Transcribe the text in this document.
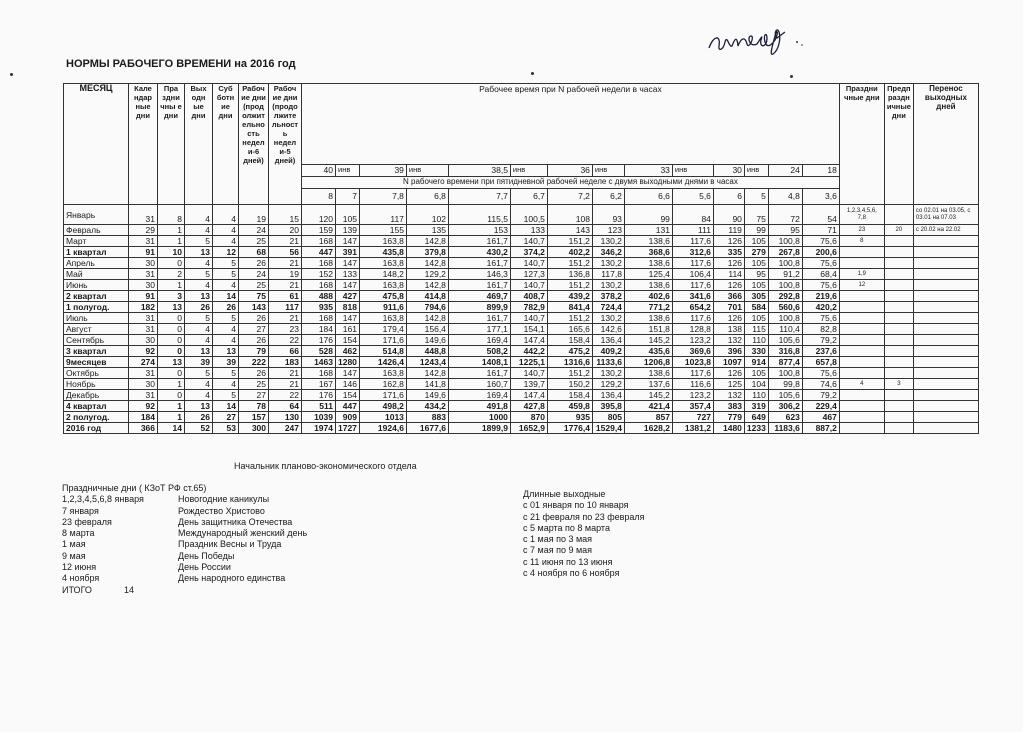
НОРМЫ РАБОЧЕГО ВРЕМЕНИ на 2016 год
МЕСЯЦ	Кале ндар ные дни	Пра здни чны е дни	Вых одн ые дни	Суб ботн ие дни	Рабоч ие дни (прод олжит ельно сть недел и-6 дней)	Рабоч ие дни (продо лжите льност ь недел и-5 дней)	Рабочее время при N рабочей недели в часах														Праздни чные дни	Предп раздн ичные дни	Перенос выходных дней
							40	инв	39	инв	38,5	инв	36	инв	33	инв	30	инв	24	18			
							N рабочего времени при пятидневной рабочей неделе с двумя выходными днями в часах																
							8	7	7,8	6,8	7,7	6,7	7,2	6,2	6,6	5,6	6	5	4,8	3,6			
Январь	31	8	4	4	19	15	120	105	117	102	115,5	100,5	108	93	99	84	90	75	72	54	1,2,3,4,5,6, 7,8		со 02.01 на 03.05, с 03.01 на 07.03
Февраль	29	1	4	4	24	20	159	139	155	135	153	133	143	123	131	111	119	99	95	71	23	20	с 20.02 на 22.02
Март	31	1	5	4	25	21	168	147	163,8	142,8	161,7	140,7	151,2	130,2	138,6	117,6	126	105	100,8	75,6	8		
1 квартал	91	10	13	12	68	56	447	391	435,8	379,8	430,2	374,2	402,2	346,2	368,6	312,6	335	279	267,8	200,6			
Апрель	30	0	4	5	26	21	168	147	163,8	142,8	161,7	140,7	151,2	130,2	138,6	117,6	126	105	100,8	75,6			
Май	31	2	5	5	24	19	152	133	148,2	129,2	146,3	127,3	136,8	117,8	125,4	106,4	114	95	91,2	68,4	1,9		
Июнь	30	1	4	4	25	21	168	147	163,8	142,8	161,7	140,7	151,2	130,2	138,6	117,6	126	105	100,8	75,6	12		
2 квартал	91	3	13	14	75	61	488	427	475,8	414,8	469,7	408,7	439,2	378,2	402,6	341,6	366	305	292,8	219,6			
1 полугод.	182	13	26	26	143	117	935	818	911,6	794,6	899,9	782,9	841,4	724,4	771,2	654,2	701	584	560,6	420,2			
Июль	31	0	5	5	26	21	168	147	163,8	142,8	161,7	140,7	151,2	130,2	138,6	117,6	126	105	100,8	75,6			
Август	31	0	4	4	27	23	184	161	179,4	156,4	177,1	154,1	165,6	142,6	151,8	128,8	138	115	110,4	82,8			
Сентябрь	30	0	4	4	26	22	176	154	171,6	149,6	169,4	147,4	158,4	136,4	145,2	123,2	132	110	105,6	79,2			
3 квартал	92	0	13	13	79	66	528	462	514,8	448,8	508,2	442,2	475,2	409,2	435,6	369,6	396	330	316,8	237,6			
9месяцев	274	13	39	39	222	183	1463	1280	1426,4	1243,4	1408,1	1225,1	1316,6	1133,6	1206,8	1023,8	1097	914	877,4	657,8			
Октябрь	31	0	5	5	26	21	168	147	163,8	142,8	161,7	140,7	151,2	130,2	138,6	117,6	126	105	100,8	75,6			
Ноябрь	30	1	4	4	25	21	167	146	162,8	141,8	160,7	139,7	150,2	129,2	137,6	116,6	125	104	99,8	74,6	4	3	
Декабрь	31	0	4	5	27	22	176	154	171,6	149,6	169,4	147,4	158,4	136,4	145,2	123,2	132	110	105,6	79,2			
4 квартал	92	1	13	14	78	64	511	447	498,2	434,2	491,8	427,8	459,8	395,8	421,4	357,4	383	319	306,2	229,4			
2 полугод.	184	1	26	27	157	130	1039	909	1013	883	1000	870	935	805	857	727	779	649	623	467			
2016 год	366	14	52	53	300	247	1974	1727	1924,6	1677,6	1899,9	1652,9	1776,4	1529,4	1628,2	1381,2	1480	1233	1183,6	887,2			
Начальник планово-экономического отдела
Праздничные дни ( КЗоТ РФ ст.65)
1,2,3,4,5,6,8 января	Новогодние каникулы
7 января	Рождество Христово
23 февраля	День защитника Отечества
8 марта	Международный женский день
1 мая	Праздник Весны и Труда
9 мая	День Победы
12 июня	День России
4 ноября	День народного единства
ИТОГО	14
Длинные выходные
с 01 января по 10 января
с 21 февраля по 23 февраля
с 5 марта по 8 марта
с 1 мая по 3 мая
с 7 мая по 9 мая
с 11 июня по 13 июня
с 4 ноября по 6 ноября
